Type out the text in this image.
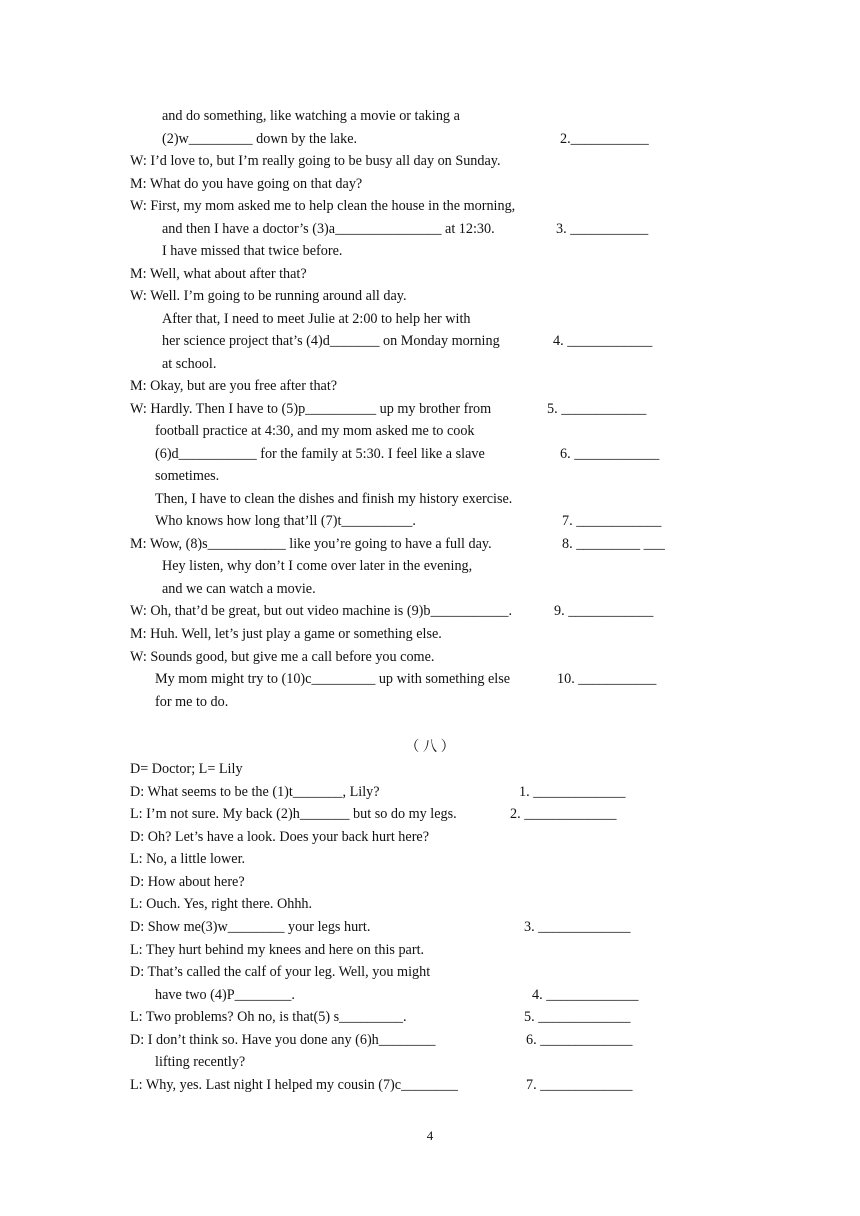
and do something, like watching a movie or taking a
(2)w_________ down by the lake.
W: I’d love to, but I’m really going to be busy all day on Sunday.
M: What do you have going on that day?
W: First, my mom asked me to help clean the house in the morning,
and then I have a doctor’s (3)a_______________ at 12:30.
I have missed that twice before.
M: Well, what about after that?
W: Well. I’m going to be running around all day.
After that, I need to meet Julie at 2:00 to help her with
her science project that’s (4)d_______ on Monday morning
at school.
M: Okay, but are you free after that?
W: Hardly. Then I have to (5)p__________ up my brother from
football practice at 4:30, and my mom asked me to cook
(6)d___________ for the family at 5:30. I feel like a slave
sometimes.
Then, I have to clean the dishes and finish my history exercise.
Who knows how long that’ll (7)t__________.
M: Wow, (8)s___________ like you’re going to have a full day.
Hey listen, why don’t I come over later in the evening,
and we can watch a movie.
W: Oh, that’d be great, but out video machine is (9)b___________.
M: Huh. Well, let’s just play a game or something else.
W: Sounds good, but give me a call before you come.
My mom might try to (10)c_________ up with something else
for me to do.
2.___________
3. ___________
4. ____________
5. ____________
6. ____________
7. ____________
8. _________ ___
9. ____________
10. ___________
（ 八 ）
D= Doctor; L= Lily
D: What seems to be the (1)t_______, Lily?
L: I’m not sure. My back (2)h_______ but so do my legs.
D: Oh? Let’s have a look. Does your back hurt here?
L: No, a little lower.
D: How about here?
L: Ouch. Yes, right there. Ohhh.
D: Show me(3)w________ your legs hurt.
L: They hurt behind my knees and here on this part.
D: That’s called the calf of your leg. Well, you might
have two (4)P________.
L: Two problems? Oh no, is that(5) s_________.
D: I don’t think so. Have you done any (6)h________
lifting recently?
L: Why, yes. Last night I helped my cousin (7)c________
1. _____________
2. _____________
3. _____________
4. _____________
5. _____________
6. _____________
7. _____________
4
